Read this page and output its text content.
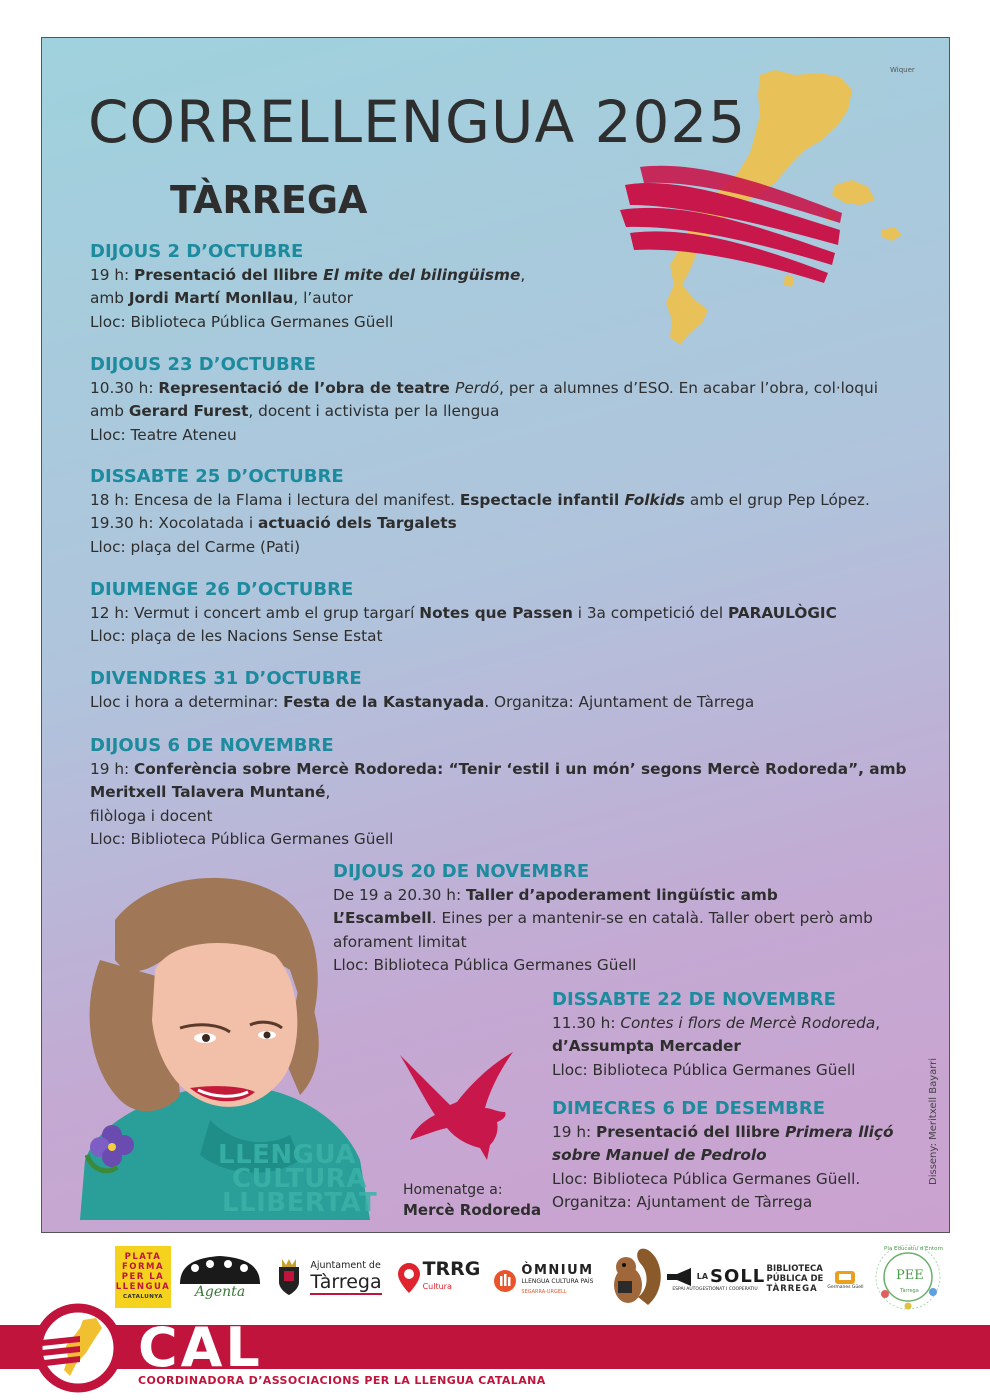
Wiquer
CORRELLENGUA 2025
TÀRREGA
DIJOUS 2 D’OCTUBRE
19 h: Presentació del llibre El mite del bilingüisme,
amb Jordi Martí Monllau, l’autor
Lloc: Biblioteca Pública Germanes Güell
DIJOUS 23 D’OCTUBRE
10.30 h: Representació de l’obra de teatre Perdó, per a alumnes d’ESO. En acabar l’obra, col·loqui
amb Gerard Furest, docent i activista per la llengua
Lloc: Teatre Ateneu
DISSABTE 25 D’OCTUBRE
18 h: Encesa de la Flama i lectura del manifest. Espectacle infantil Folkids amb el grup Pep López.
19.30 h: Xocolatada i actuació dels Targalets
Lloc: plaça del Carme (Pati)
DIUMENGE 26 D’OCTUBRE
12 h: Vermut i concert amb el grup targarí Notes que Passen i 3a competició del PARAULÒGIC
Lloc: plaça de les Nacions Sense Estat
DIVENDRES 31 D’OCTUBRE
Lloc i hora a determinar: Festa de la Kastanyada. Organitza: Ajuntament de Tàrrega
DIJOUS 6 DE NOVEMBRE
19 h: Conferència sobre Mercè Rodoreda: “Tenir ‘estil i un món’ segons Mercè Rodoreda”, amb
Meritxell Talavera Muntané,
filòloga i docent
Lloc: Biblioteca Pública Germanes Güell
DIJOUS 20 DE NOVEMBRE
De 19 a 20.30 h: Taller d’apoderament lingüístic amb
L’Escambell. Eines per a mantenir-se en català. Taller obert però amb
aforament limitat
Lloc: Biblioteca Pública Germanes Güell
DISSABTE 22 DE NOVEMBRE
11.30 h: Contes i flors de Mercè Rodoreda,
d’Assumpta Mercader
Lloc: Biblioteca Pública Germanes Güell
DIMECRES 6 DE DESEMBRE
19 h: Presentació del llibre Primera lliçó
sobre Manuel de Pedrolo
Lloc: Biblioteca Pública Germanes Güell.
Organitza: Ajuntament de Tàrrega
LLENGUA
CULTURA
LLIBERTAT Homenatge a:
Mercè Rodoreda
Disseny: Meritxell Bayarri
PLATA
FORMA
PER LA
LLENGUA
CATALUNYA Agenta
Ajuntament de
Tàrrega
TRRG
Cultura
ÒMNIUM
LLENGUA CULTURA PAÍS
SEGARRA-URGELL
LA SOLL
ESPAI AUTOGESTIONAT I COOPERATIU
BIBLIOTECA
PÚBLICA DE
TÀRREGA	Germanes Güell
PEE
Pla Educatiu d’Entorn
Tàrrega
CAL
COORDINADORA D’ASSOCIACIONS PER LA LLENGUA CATALANA
